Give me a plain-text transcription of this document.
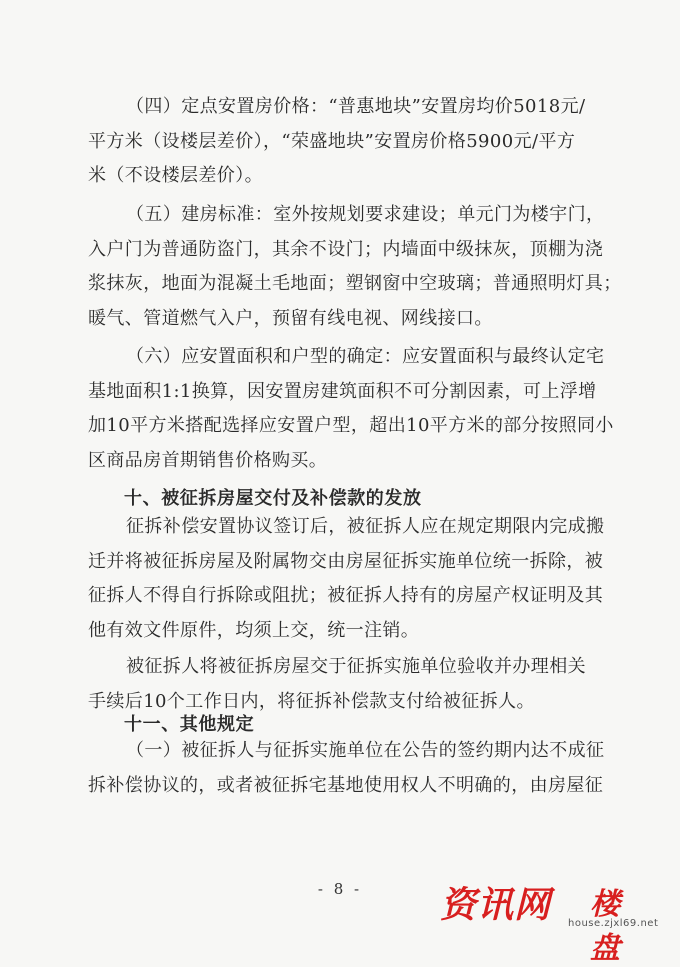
（四）定点安置房价格：“普惠地块”安置房均价5018元/
平方米（设楼层差价），“荣盛地块”安置房价格5900元/平方
米（不设楼层差价）。

（五）建房标准：室外按规划要求建设；单元门为楼宇门，
入户门为普通防盗门，其余不设门；内墙面中级抹灰，顶棚为浇
浆抹灰，地面为混凝土毛地面；塑钢窗中空玻璃；普通照明灯具；
暖气、管道燃气入户，预留有线电视、网线接口。

（六）应安置面积和户型的确定：应安置面积与最终认定宅
基地面积1:1换算，因安置房建筑面积不可分割因素，可上浮增
加10平方米搭配选择应安置户型，超出10平方米的部分按照同小
区商品房首期销售价格购买。

十、被征拆房屋交付及补偿款的发放

征拆补偿安置协议签订后，被征拆人应在规定期限内完成搬
迁并将被征拆房屋及附属物交由房屋征拆实施单位统一拆除，被
征拆人不得自行拆除或阻扰；被征拆人持有的房屋产权证明及其
他有效文件原件，均须上交，统一注销。

被征拆人将被征拆房屋交于征拆实施单位验收并办理相关
手续后10个工作日内，将征拆补偿款支付给被征拆人。

十一、其他规定

（一）被征拆人与征拆实施单位在公告的签约期内达不成征
拆补偿协议的，或者被征拆宅基地使用权人不明确的，由房屋征

- 8 -	资讯网 楼盘
house.zjxl69.net
